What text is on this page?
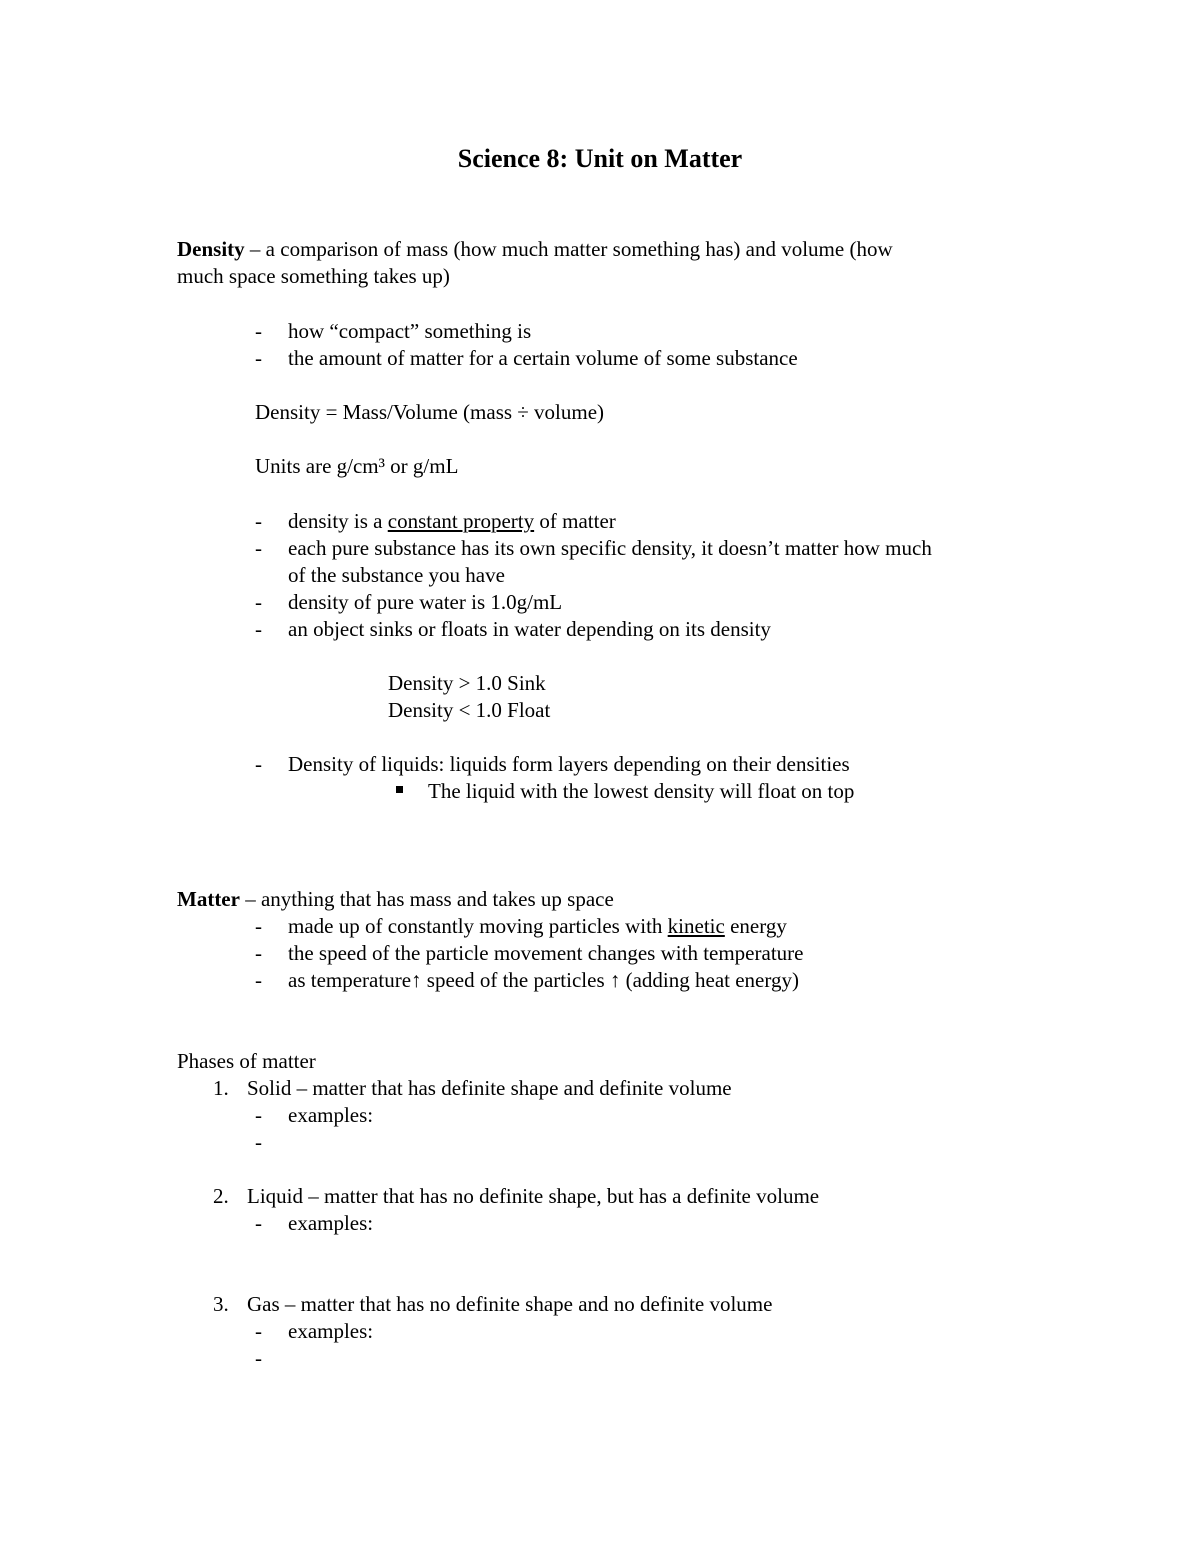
Science 8: Unit on Matter
Density – a comparison of mass (how much matter something has) and volume (how
much space something takes up)
- how “compact” something is
- the amount of matter for a certain volume of some substance
Density = Mass/Volume (mass ÷ volume)
Units are g/cm³ or g/mL
- density is a constant property of matter
- each pure substance has its own specific density, it doesn’t matter how much
of the substance you have
- density of pure water is 1.0g/mL
- an object sinks or floats in water depending on its density
Density > 1.0 Sink
Density < 1.0 Float
- Density of liquids: liquids form layers depending on their densities
The liquid with the lowest density will float on top
Matter – anything that has mass and takes up space
- made up of constantly moving particles with kinetic energy
- the speed of the particle movement changes with temperature
- as temperature↑ speed of the particles ↑ (adding heat energy)
Phases of matter
1. Solid – matter that has definite shape and definite volume
- examples:
-
2. Liquid – matter that has no definite shape, but has a definite volume
- examples:
3. Gas – matter that has no definite shape and no definite volume
- examples:
-
